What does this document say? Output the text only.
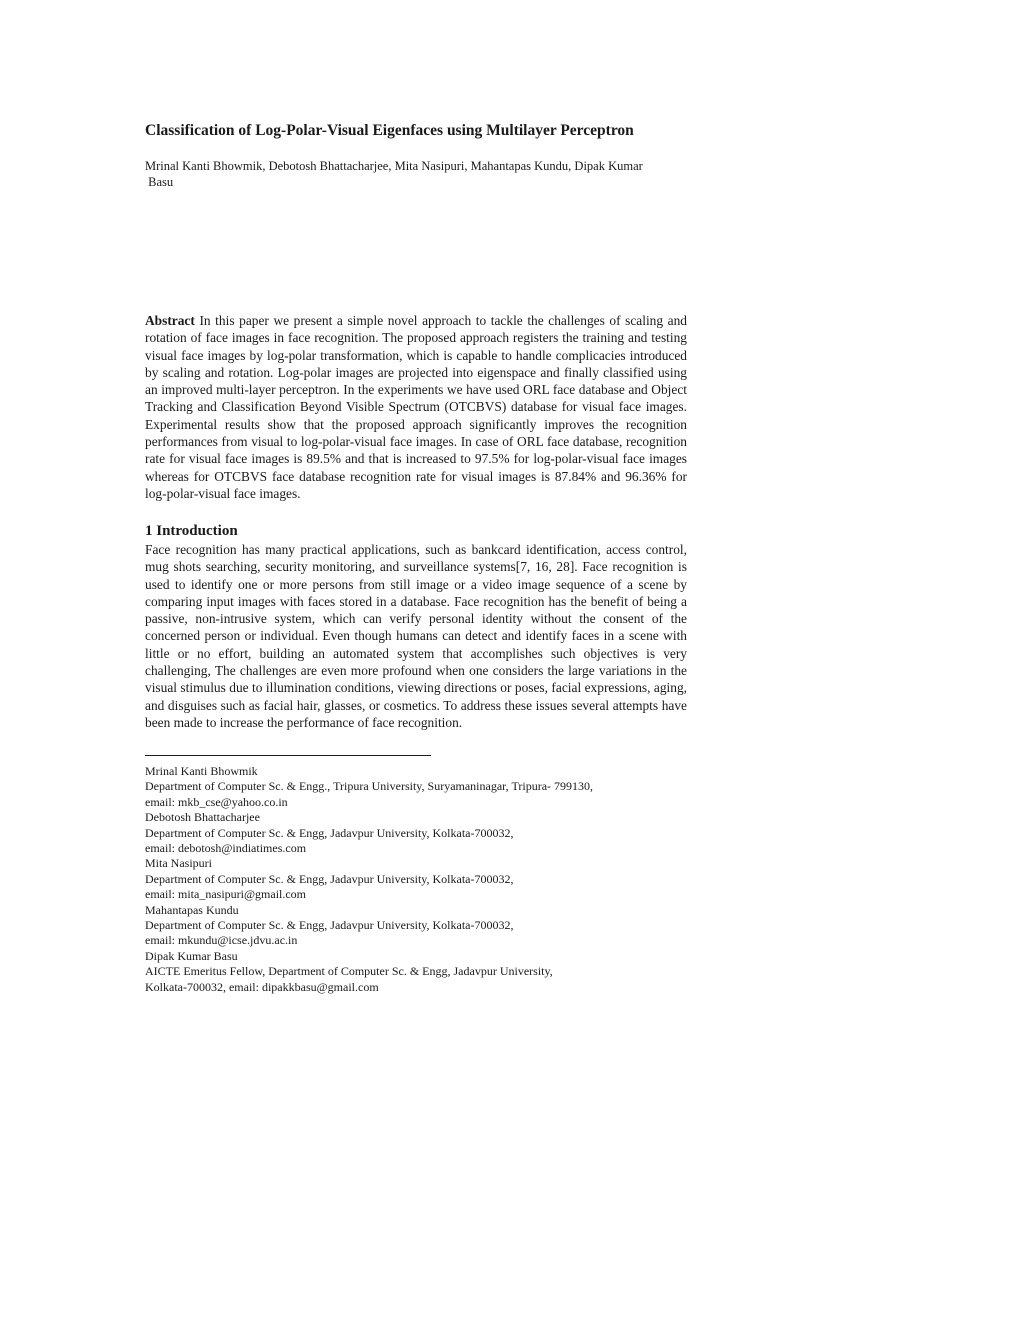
Classification of Log-Polar-Visual Eigenfaces using Multilayer Perceptron
Mrinal Kanti Bhowmik, Debotosh Bhattacharjee, Mita Nasipuri, Mahantapas Kundu, Dipak Kumar
Basu

Abstract In this paper we present a simple novel approach to tackle the challenges of scaling and rotation of face images in face recognition. The proposed approach registers the training and testing visual face images by log-polar transformation, which is capable to handle complicacies introduced by scaling and rotation. Log-polar images are projected into eigenspace and finally classified using an improved multi-layer perceptron. In the experiments we have used ORL face database and Object Tracking and Classification Beyond Visible Spectrum (OTCBVS) database for visual face images. Experimental results show that the proposed approach significantly improves the recognition performances from visual to log-polar-visual face images. In case of ORL face database, recognition rate for visual face images is 89.5% and that is increased to 97.5% for log-polar-visual face images whereas for OTCBVS face database recognition rate for visual images is 87.84% and 96.36% for log-polar-visual face images.

1 Introduction

Face recognition has many practical applications, such as bankcard identification, access control, mug shots searching, security monitoring, and surveillance systems[7, 16, 28]. Face recognition is used to identify one or more persons from still image or a video image sequence of a scene by comparing input images with faces stored in a database. Face recognition has the benefit of being a passive, non-intrusive system, which can verify personal identity without the consent of the concerned person or individual. Even though humans can detect and identify faces in a scene with little or no effort, building an automated system that accomplishes such objectives is very challenging, The challenges are even more profound when one considers the large variations in the visual stimulus due to illumination conditions, viewing directions or poses, facial expressions, aging, and disguises such as facial hair, glasses, or cosmetics. To address these issues several attempts have been made to increase the performance of face recognition.

Mrinal Kanti Bhowmik
Department of Computer Sc. & Engg., Tripura University, Suryamaninagar, Tripura- 799130,
email: mkb_cse@yahoo.co.in
Debotosh Bhattacharjee
Department of Computer Sc. & Engg, Jadavpur University, Kolkata-700032,
email: debotosh@indiatimes.com
Mita Nasipuri
Department of Computer Sc. & Engg, Jadavpur University, Kolkata-700032,
email: mita_nasipuri@gmail.com
Mahantapas Kundu
Department of Computer Sc. & Engg, Jadavpur University, Kolkata-700032,
email: mkundu@icse.jdvu.ac.in
Dipak Kumar Basu
AICTE Emeritus Fellow, Department of Computer Sc. & Engg, Jadavpur University,
Kolkata-700032, email: dipakkbasu@gmail.com
